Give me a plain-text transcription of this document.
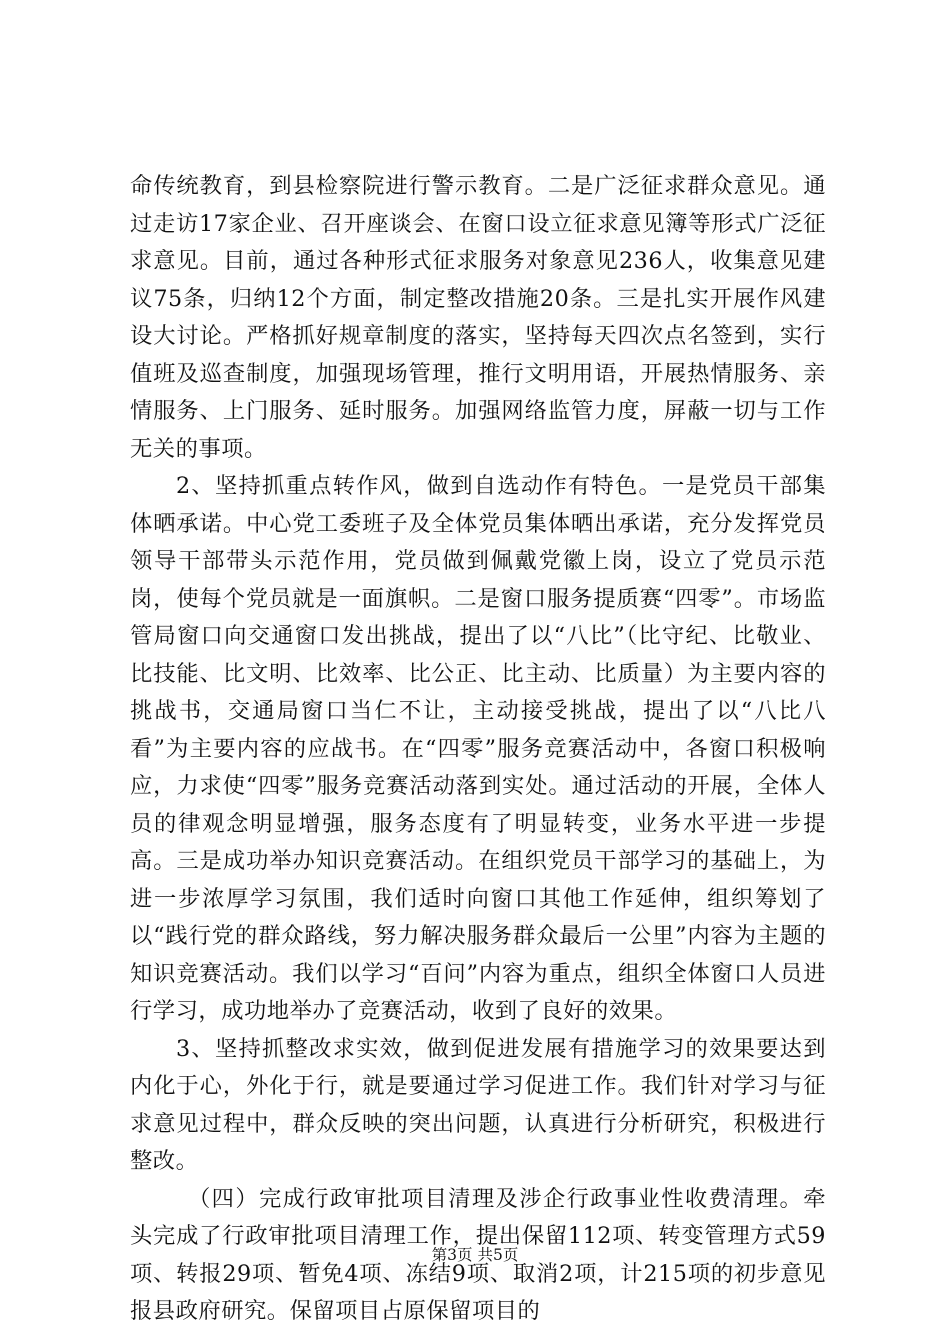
命传统教育，到县检察院进行警示教育。二是广泛征求群众意见。通过走访17家企业、召开座谈会、在窗口设立征求意见簿等形式广泛征求意见。目前，通过各种形式征求服务对象意见236人，收集意见建议75条，归纳12个方面，制定整改措施20条。三是扎实开展作风建设大讨论。严格抓好规章制度的落实，坚持每天四次点名签到，实行值班及巡查制度，加强现场管理，推行文明用语，开展热情服务、亲情服务、上门服务、延时服务。加强网络监管力度，屏蔽一切与工作无关的事项。

2、坚持抓重点转作风，做到自选动作有特色。一是党员干部集体晒承诺。中心党工委班子及全体党员集体晒出承诺，充分发挥党员领导干部带头示范作用，党员做到佩戴党徽上岗，设立了党员示范岗，使每个党员就是一面旗帜。二是窗口服务提质赛“四零”。市场监管局窗口向交通窗口发出挑战，提出了以“八比”（比守纪、比敬业、比技能、比文明、比效率、比公正、比主动、比质量）为主要内容的挑战书，交通局窗口当仁不让，主动接受挑战，提出了以“八比八看”为主要内容的应战书。在“四零”服务竞赛活动中，各窗口积极响应，力求使“四零”服务竞赛活动落到实处。通过活动的开展，全体人员的律观念明显增强，服务态度有了明显转变，业务水平进一步提高。三是成功举办知识竞赛活动。在组织党员干部学习的基础上，为进一步浓厚学习氛围，我们适时向窗口其他工作延伸，组织筹划了以“践行党的群众路线，努力解决服务群众最后一公里”内容为主题的知识竞赛活动。我们以学习“百问”内容为重点，组织全体窗口人员进行学习，成功地举办了竞赛活动，收到了良好的效果。

3、坚持抓整改求实效，做到促进发展有措施学习的效果要达到内化于心，外化于行，就是要通过学习促进工作。我们针对学习与征求意见过程中，群众反映的突出问题，认真进行分析研究，积极进行整改。

（四）完成行政审批项目清理及涉企行政事业性收费清理。牵头完成了行政审批项目清理工作，提出保留112项、转变管理方式59项、转报29项、暂免4项、冻结9项、取消2项，计215项的初步意见报县政府研究。保留项目占原保留项目的

第3页 共5页
